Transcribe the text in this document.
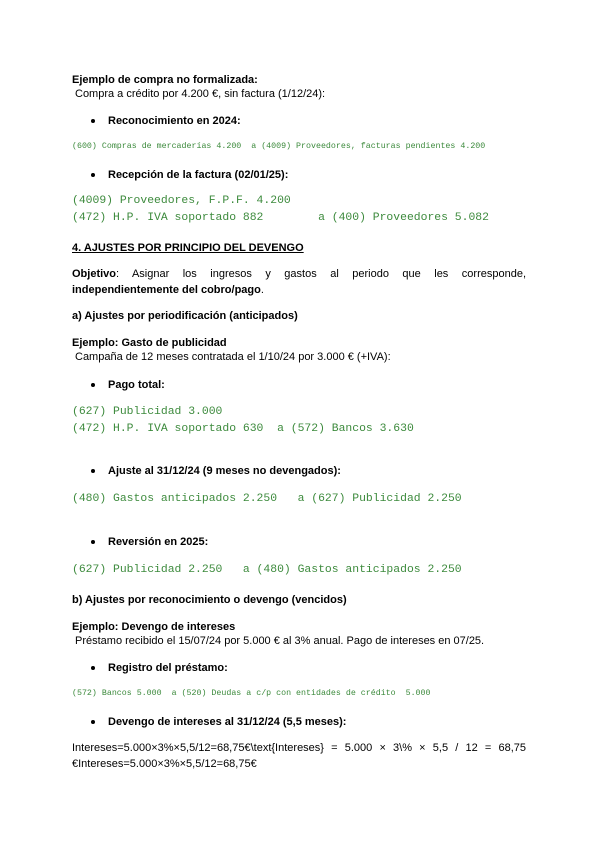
Ejemplo de compra no formalizada:
Compra a crédito por 4.200 €, sin factura (1/12/24):
Reconocimiento en 2024:
(600) Compras de mercaderías 4.200  a (4009) Proveedores, facturas pendientes 4.200
Recepción de la factura (02/01/25):
(4009) Proveedores, F.P.F. 4.200
(472) H.P. IVA soportado 882        a (400) Proveedores 5.082
4. AJUSTES POR PRINCIPIO DEL DEVENGO
Objetivo: Asignar los ingresos y gastos al periodo que les corresponde, independientemente del cobro/pago.
a) Ajustes por periodificación (anticipados)
Ejemplo: Gasto de publicidad
Campaña de 12 meses contratada el 1/10/24 por 3.000 € (+IVA):
Pago total:
(627) Publicidad 3.000
(472) H.P. IVA soportado 630  a (572) Bancos 3.630
Ajuste al 31/12/24 (9 meses no devengados):
(480) Gastos anticipados 2.250   a (627) Publicidad 2.250
Reversión en 2025:
(627) Publicidad 2.250   a (480) Gastos anticipados 2.250
b) Ajustes por reconocimiento o devengo (vencidos)
Ejemplo: Devengo de intereses
Préstamo recibido el 15/07/24 por 5.000 € al 3% anual. Pago de intereses en 07/25.
Registro del préstamo:
(572) Bancos 5.000  a (520) Deudas a c/p con entidades de crédito  5.000
Devengo de intereses al 31/12/24 (5,5 meses):
Intereses=5.000×3%×5,5/12=68,75€\text{Intereses} = 5.000 × 3\% × 5,5 / 12 = 68,75
€Intereses=5.000×3%×5,5/12=68,75€
